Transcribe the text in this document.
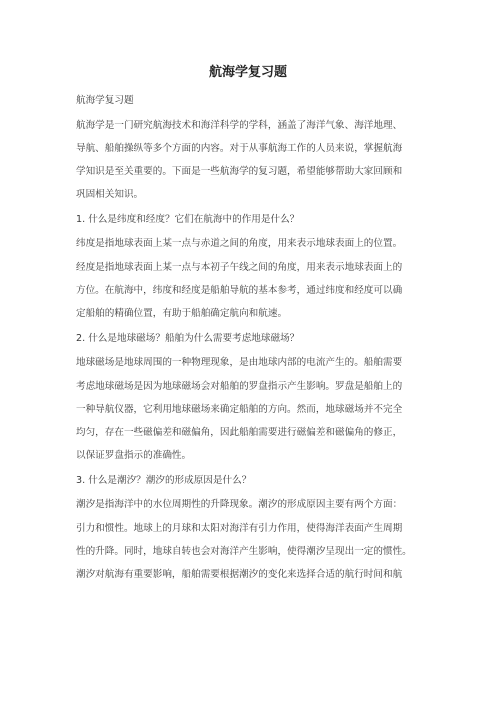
航海学复习题
航海学复习题
航海学是一门研究航海技术和海洋科学的学科，涵盖了海洋气象、海洋地理、
导航、船舶操纵等多个方面的内容。对于从事航海工作的人员来说，掌握航海
学知识是至关重要的。下面是一些航海学的复习题，希望能够帮助大家回顾和
巩固相关知识。
1. 什么是纬度和经度？它们在航海中的作用是什么？
纬度是指地球表面上某一点与赤道之间的角度，用来表示地球表面上的位置。
经度是指地球表面上某一点与本初子午线之间的角度，用来表示地球表面上的
方位。在航海中，纬度和经度是船舶导航的基本参考，通过纬度和经度可以确
定船舶的精确位置，有助于船舶确定航向和航速。
2. 什么是地球磁场？船舶为什么需要考虑地球磁场？
地球磁场是地球周围的一种物理现象，是由地球内部的电流产生的。船舶需要
考虑地球磁场是因为地球磁场会对船舶的罗盘指示产生影响。罗盘是船舶上的
一种导航仪器，它利用地球磁场来确定船舶的方向。然而，地球磁场并不完全
均匀，存在一些磁偏差和磁偏角，因此船舶需要进行磁偏差和磁偏角的修正，
以保证罗盘指示的准确性。
3. 什么是潮汐？潮汐的形成原因是什么？
潮汐是指海洋中的水位周期性的升降现象。潮汐的形成原因主要有两个方面：
引力和惯性。地球上的月球和太阳对海洋有引力作用，使得海洋表面产生周期
性的升降。同时，地球自转也会对海洋产生影响，使得潮汐呈现出一定的惯性。
潮汐对航海有重要影响，船舶需要根据潮汐的变化来选择合适的航行时间和航
